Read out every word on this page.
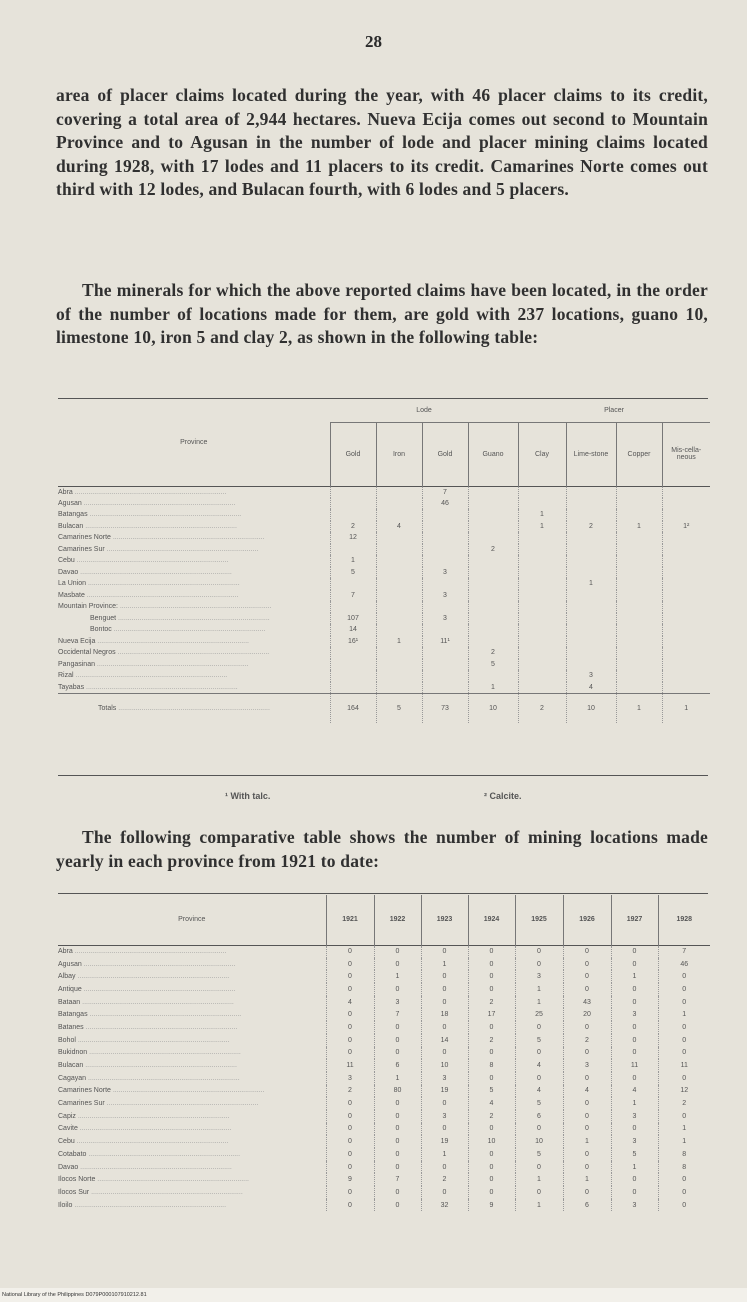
28
area of placer claims located during the year, with 46 placer claims to its credit, covering a total area of 2,944 hectares. Nueva Ecija comes out second to Mountain Province and to Agusan in the number of lode and placer mining claims located during 1928, with 17 lodes and 11 placers to its credit. Camarines Norte comes out third with 12 lodes, and Bulacan fourth, with 6 lodes and 5 placers.
The minerals for which the above reported claims have been located, in the order of the number of locations made for them, are gold with 237 locations, guano 10, limestone 10, iron 5 and clay 2, as shown in the following table:
Province	Lode				Placer			
	Gold	Iron	Gold	Guano	Clay	Lime-stone	Copper	Mis-cella-neous
Abra .....			7					
Agusan .....			46					
Batangas .....					1			
Bulacan .....	2	4			1	2	1	1²
Camarines Norte .....	12							
Camarines Sur .....				2				
Cebu .....	1							
Davao .....	5		3					
La Union .....						1		
Masbate .....	7		3					
Mountain Province: .....								
Benguet .....	107		3					
Bontoc .....	14							
Nueva Ecija .....	16¹	1	11¹					
Occidental Negros .....				2				
Pangasinan .....				5				
Rizal .....						3		
Tayabas .....				1		4		
Totals .....	164	5	73	10	2	10	1	1
¹ With talc.	² Calcite.
The following comparative table shows the number of mining locations made yearly in each province from 1921 to date:
Province	1921	1922	1923	1924	1925	1926	1927	1928
Abra .....	0	0	0	0	0	0	0	7
Agusan .....	0	0	1	0	0	0	0	46
Albay .....	0	1	0	0	3	0	1	0
Antique .....	0	0	0	0	1	0	0	0
Bataan .....	4	3	0	2	1	43	0	0
Batangas .....	0	7	18	17	25	20	3	1
Batanes .....	0	0	0	0	0	0	0	0
Bohol .....	0	0	14	2	5	2	0	0
Bukidnon .....	0	0	0	0	0	0	0	0
Bulacan .....	11	6	10	8	4	3	11	11
Cagayan .....	3	1	3	0	0	0	0	0
Camarines Norte .....	2	80	19	5	4	4	4	12
Camarines Sur .....	0	0	0	4	5	0	1	2
Capiz .....	0	0	3	2	6	0	3	0
Cavite .....	0	0	0	0	0	0	0	1
Cebu .....	0	0	19	10	10	1	3	1
Cotabato .....	0	0	1	0	5	0	5	8
Davao .....	0	0	0	0	0	0	1	8
Ilocos Norte .....	9	7	2	0	1	1	0	0
Ilocos Sur .....	0	0	0	0	0	0	0	0
Iloilo .....	0	0	32	9	1	6	3	0
National Library of the Philippines D079P000107910212.81
